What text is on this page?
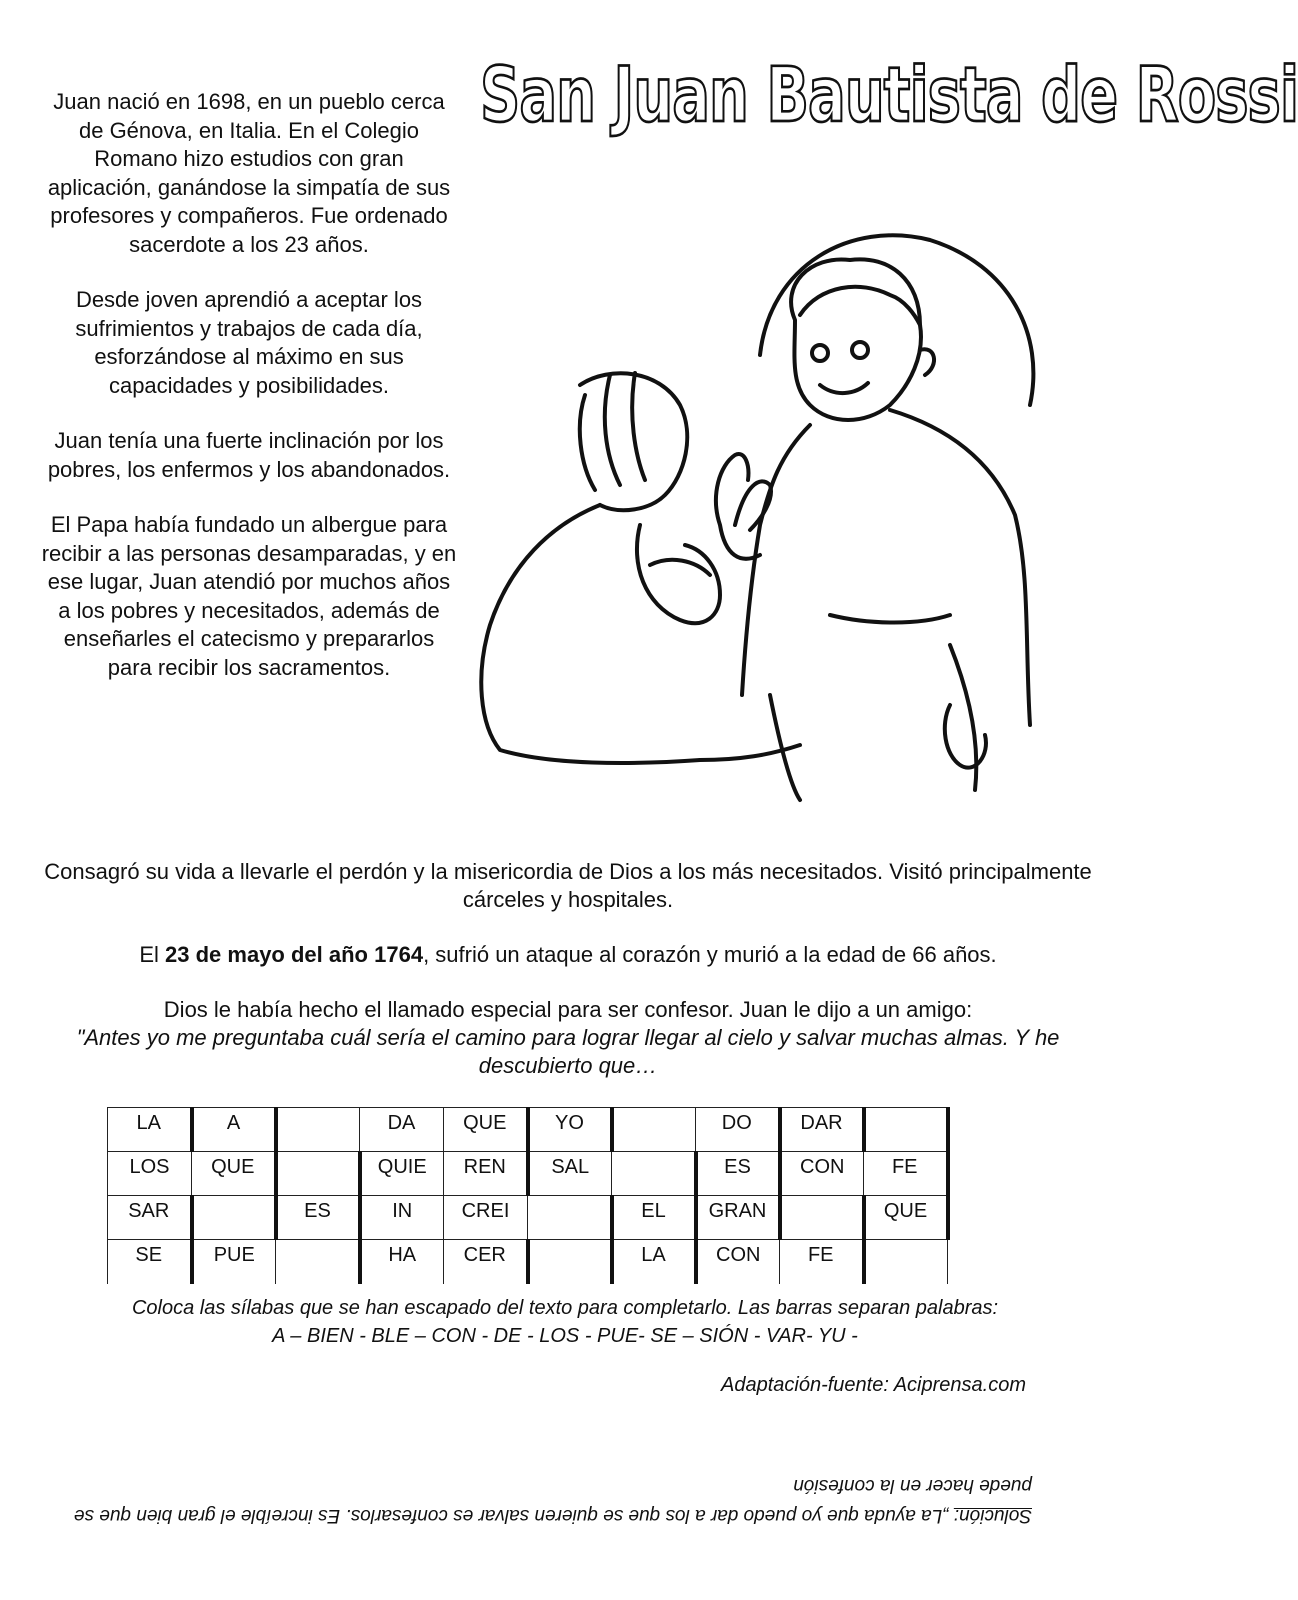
San Juan Bautista de Rossi

Juan nació en 1698, en un pueblo cerca de Génova, en Italia. En el Colegio Romano hizo estudios con gran aplicación, ganándose la simpatía de sus profesores y compañeros. Fue ordenado sacerdote a los 23 años.

Desde joven aprendió a aceptar los sufrimientos y trabajos de cada día, esforzándose al máximo en sus capacidades y posibilidades.

Juan tenía una fuerte inclinación por los pobres, los enfermos y los abandonados.

El Papa había fundado un albergue para recibir a las personas desamparadas, y en ese lugar, Juan atendió por muchos años a los pobres y necesitados, además de enseñarles el catecismo y prepararlos para recibir los sacramentos.

Consagró su vida a llevarle el perdón y la misericordia de Dios a los más necesitados. Visitó principalmente cárceles y hospitales.

El 23 de mayo del año 1764, sufrió un ataque al corazón y murió a la edad de 66 años.

Dios le había hecho el llamado especial para ser confesor. Juan le dijo a un amigo:
"Antes yo me preguntaba cuál sería el camino para lograr llegar al cielo y salvar muchas almas. Y he descubierto que…

LA	A		DA	QUE	YO		DO	DAR	
LOS	QUE		QUIE	REN	SAL		ES	CON	FE
SAR		ES	IN	CREI		EL	GRAN		QUE
SE	PUE		HA	CER		LA	CON	FE	
Coloca las sílabas que se han escapado del texto para completarlo. Las barras separan palabras:
A – BIEN - BLE – CON - DE - LOS - PUE- SE – SIÓN - VAR- YU -
Adaptación-fuente: Aciprensa.com
Solución: „La ayuda que yo puedo dar a los que se quieren salvar es confesarlos. Es increíble el gran bien que se puede hacer en la confesión
